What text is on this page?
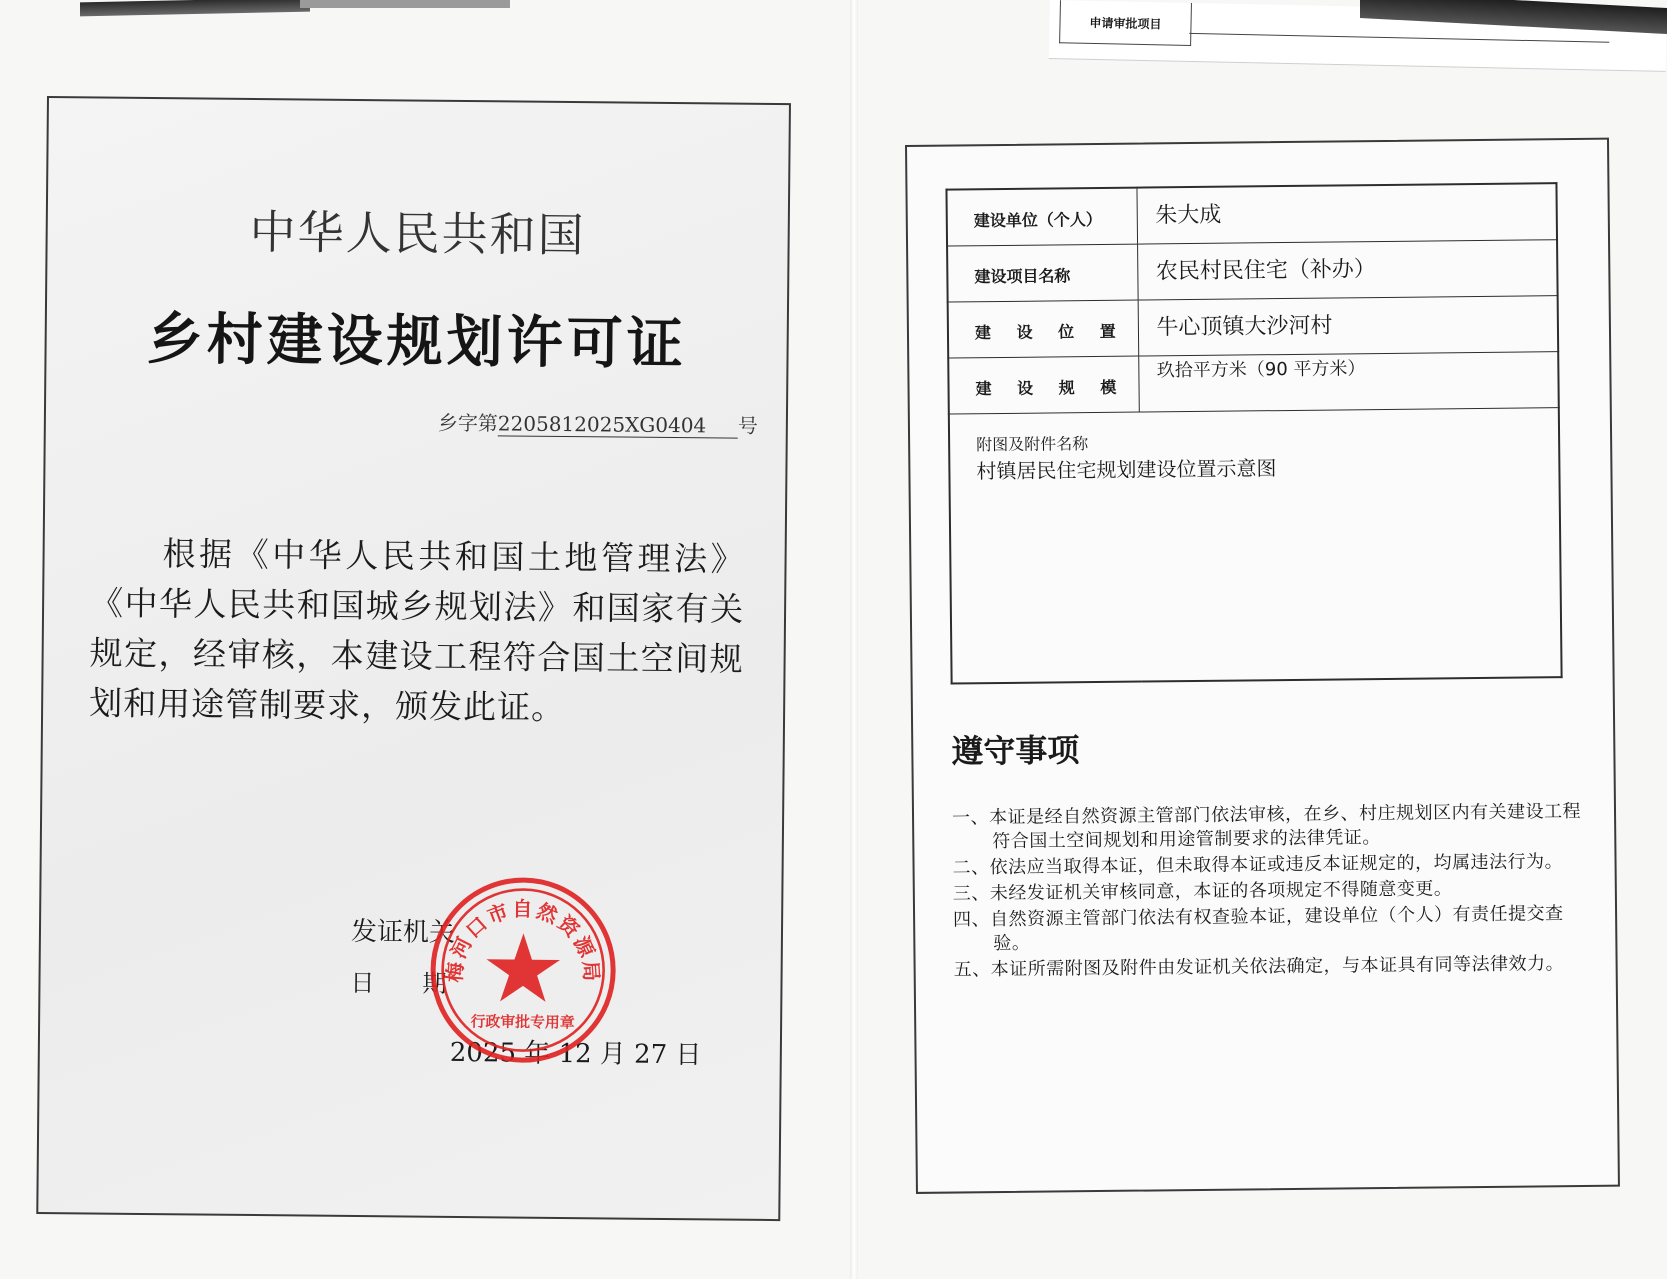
申请审批项目
中华人民共和国
乡村建设规划许可证
乡字第2205812025XG0404 号
根据《中华人民共和国土地管理法》《中华人民共和国城乡规划法》和国家有关规定，经审核，本建设工程符合国土空间规划和用途管制要求，颁发此证。
发证机关
日　　期
2025 年 12 月 27 日
梅河口市自然资源局
行政审批专用章
建设单位（个人）	朱大成
建设项目名称	农民村民住宅（补办）
建 设 位 置	牛心顶镇大沙河村
建 设 规 模	玖拾平方米（90 平方米）

附图及附件名称
村镇居民住宅规划建设位置示意图	
遵守事项
一、本证是经自然资源主管部门依法审核，在乡、村庄规划区内有关建设工程符合国土空间规划和用途管制要求的法律凭证。
二、依法应当取得本证，但未取得本证或违反本证规定的，均属违法行为。
三、未经发证机关审核同意，本证的各项规定不得随意变更。
四、自然资源主管部门依法有权查验本证，建设单位（个人）有责任提交查验。
五、本证所需附图及附件由发证机关依法确定，与本证具有同等法律效力。
